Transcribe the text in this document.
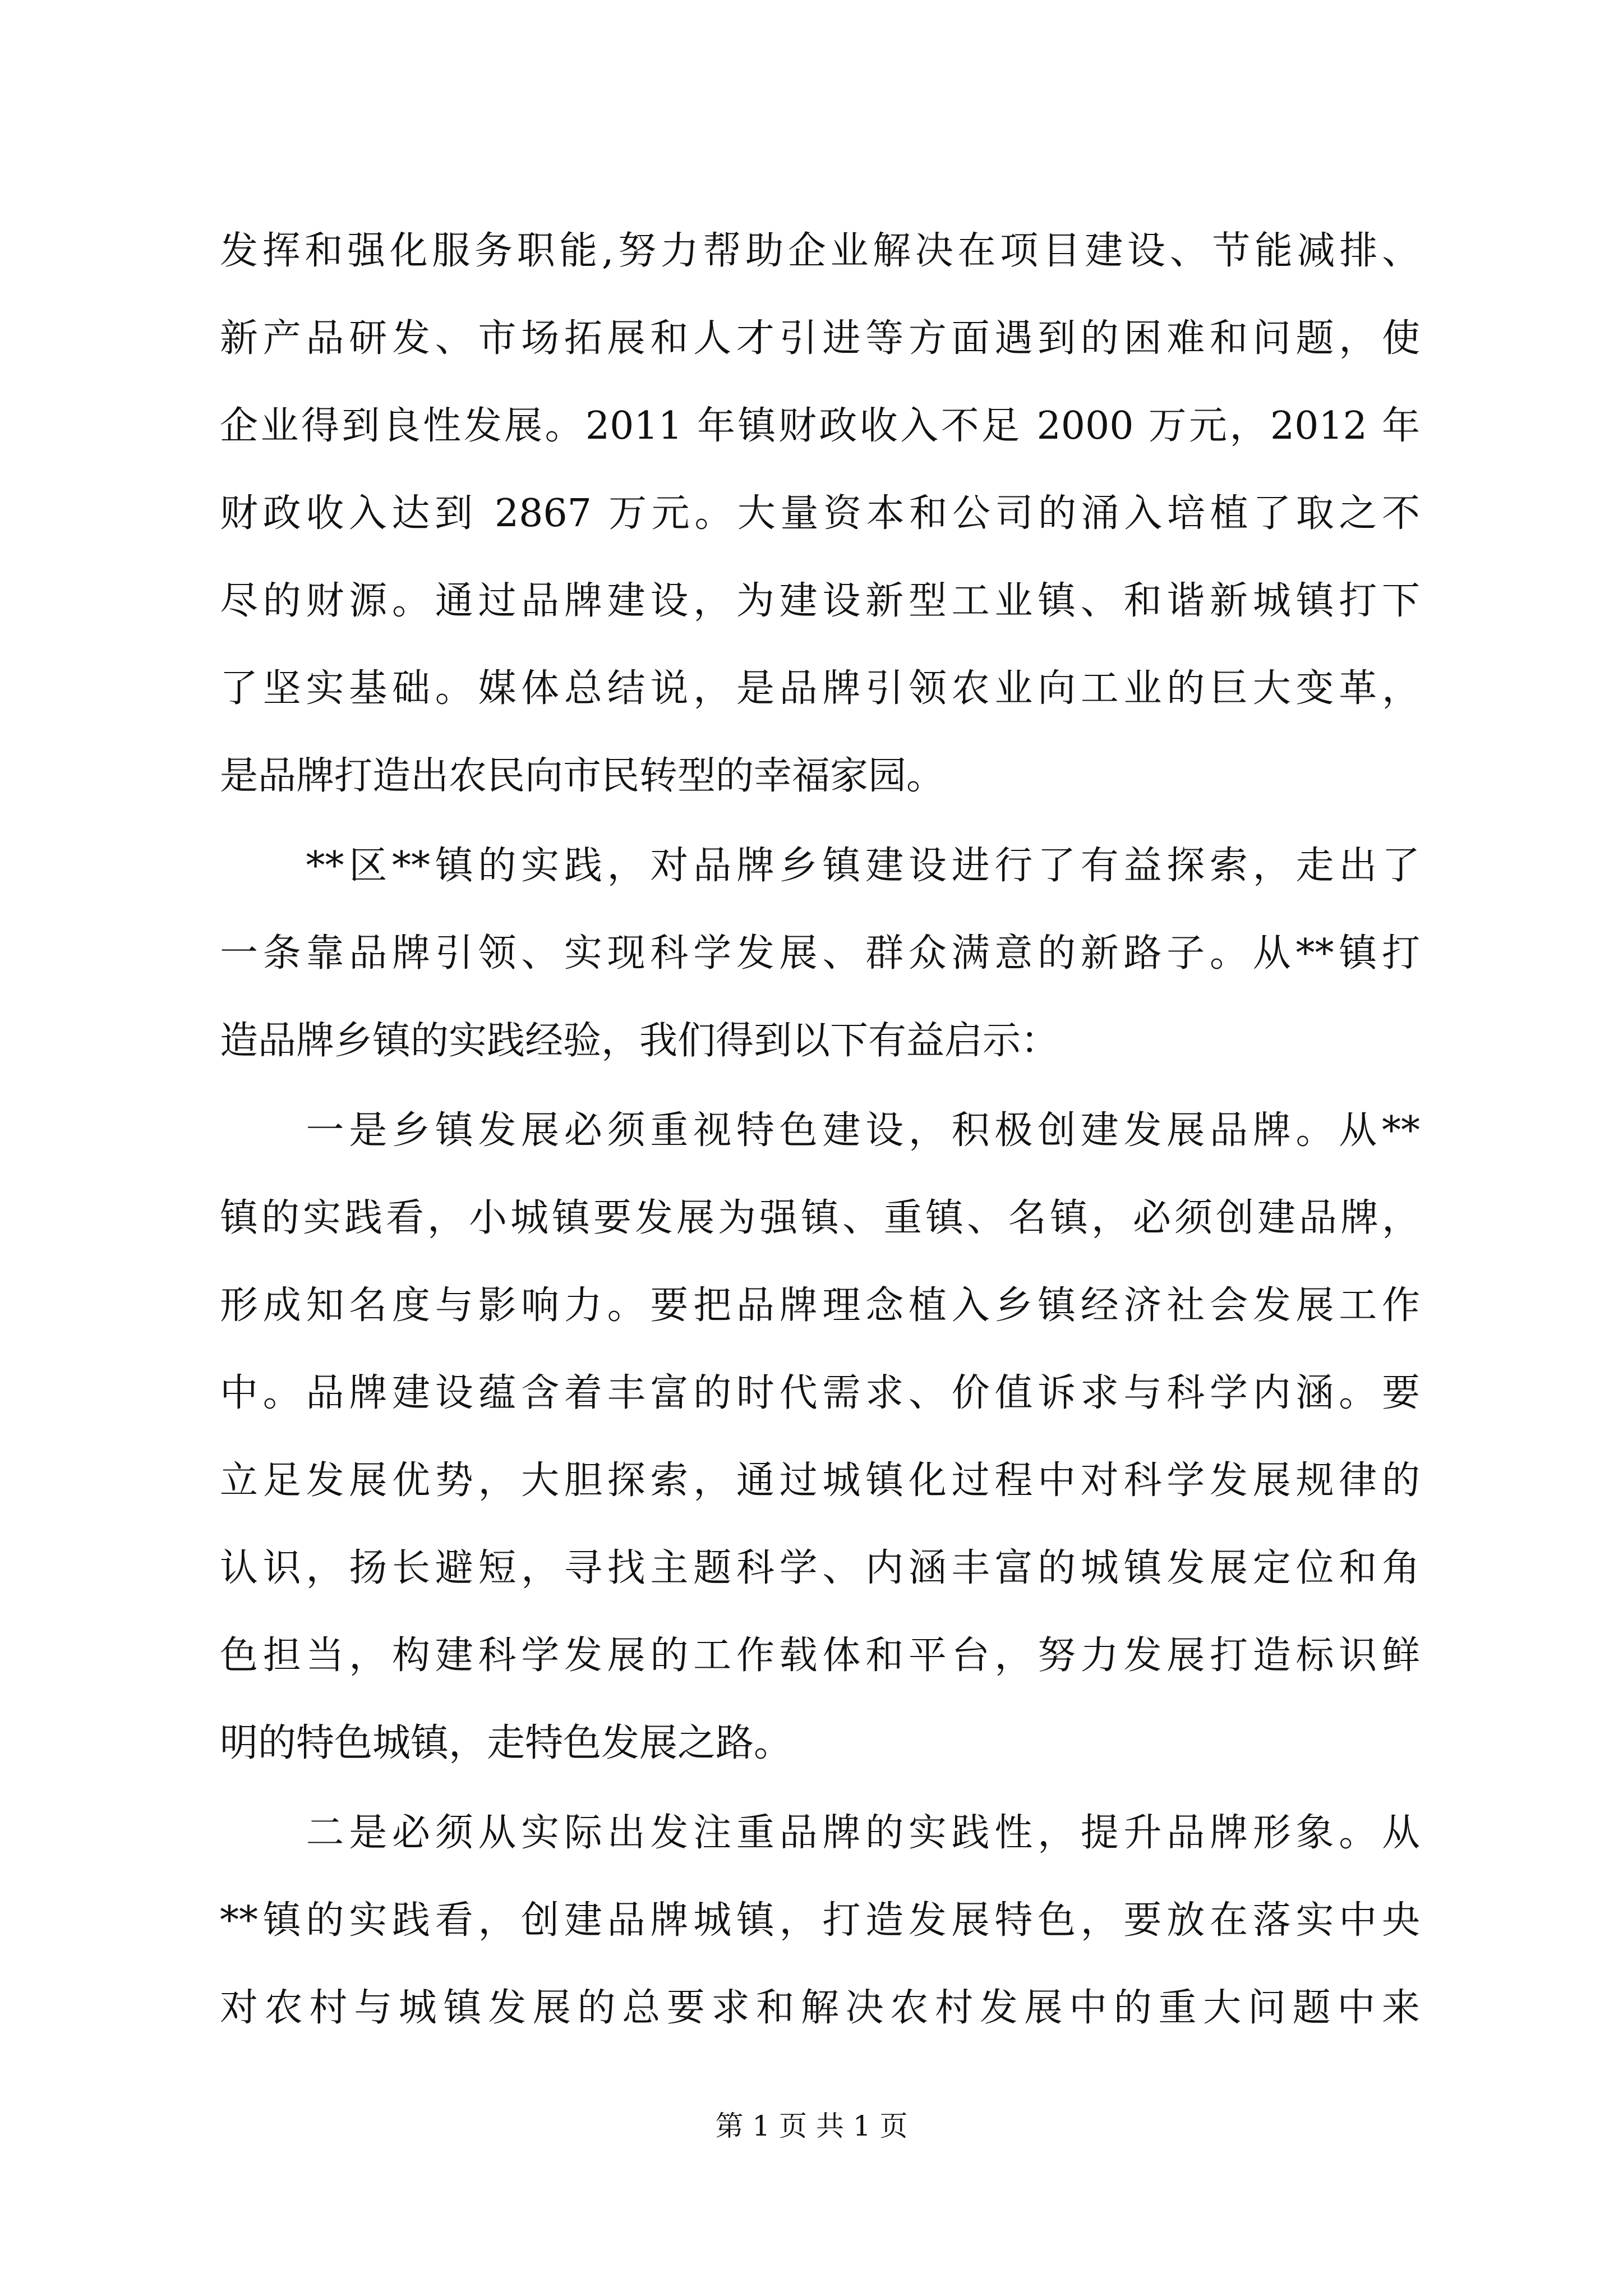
发挥和强化服务职能,努力帮助企业解决在项目建设、节能减排、
新产品研发、市场拓展和人才引进等方面遇到的困难和问题，使
企业得到良性发展。2011 年镇财政收入不足 2000 万元，2012 年
财政收入达到 2867 万元。大量资本和公司的涌入培植了取之不
尽的财源。通过品牌建设，为建设新型工业镇、和谐新城镇打下
了坚实基础。媒体总结说，是品牌引领农业向工业的巨大变革，
是品牌打造出农民向市民转型的幸福家园。
　　**区**镇的实践，对品牌乡镇建设进行了有益探索，走出了
一条靠品牌引领、实现科学发展、群众满意的新路子。从**镇打
造品牌乡镇的实践经验，我们得到以下有益启示：
　　一是乡镇发展必须重视特色建设，积极创建发展品牌。从**
镇的实践看，小城镇要发展为强镇、重镇、名镇，必须创建品牌，
形成知名度与影响力。要把品牌理念植入乡镇经济社会发展工作
中。品牌建设蕴含着丰富的时代需求、价值诉求与科学内涵。要
立足发展优势，大胆探索，通过城镇化过程中对科学发展规律的
认识，扬长避短，寻找主题科学、内涵丰富的城镇发展定位和角
色担当，构建科学发展的工作载体和平台，努力发展打造标识鲜
明的特色城镇，走特色发展之路。
　　二是必须从实际出发注重品牌的实践性，提升品牌形象。从
**镇的实践看，创建品牌城镇，打造发展特色，要放在落实中央
对农村与城镇发展的总要求和解决农村发展中的重大问题中来
第 1 页 共 1 页
